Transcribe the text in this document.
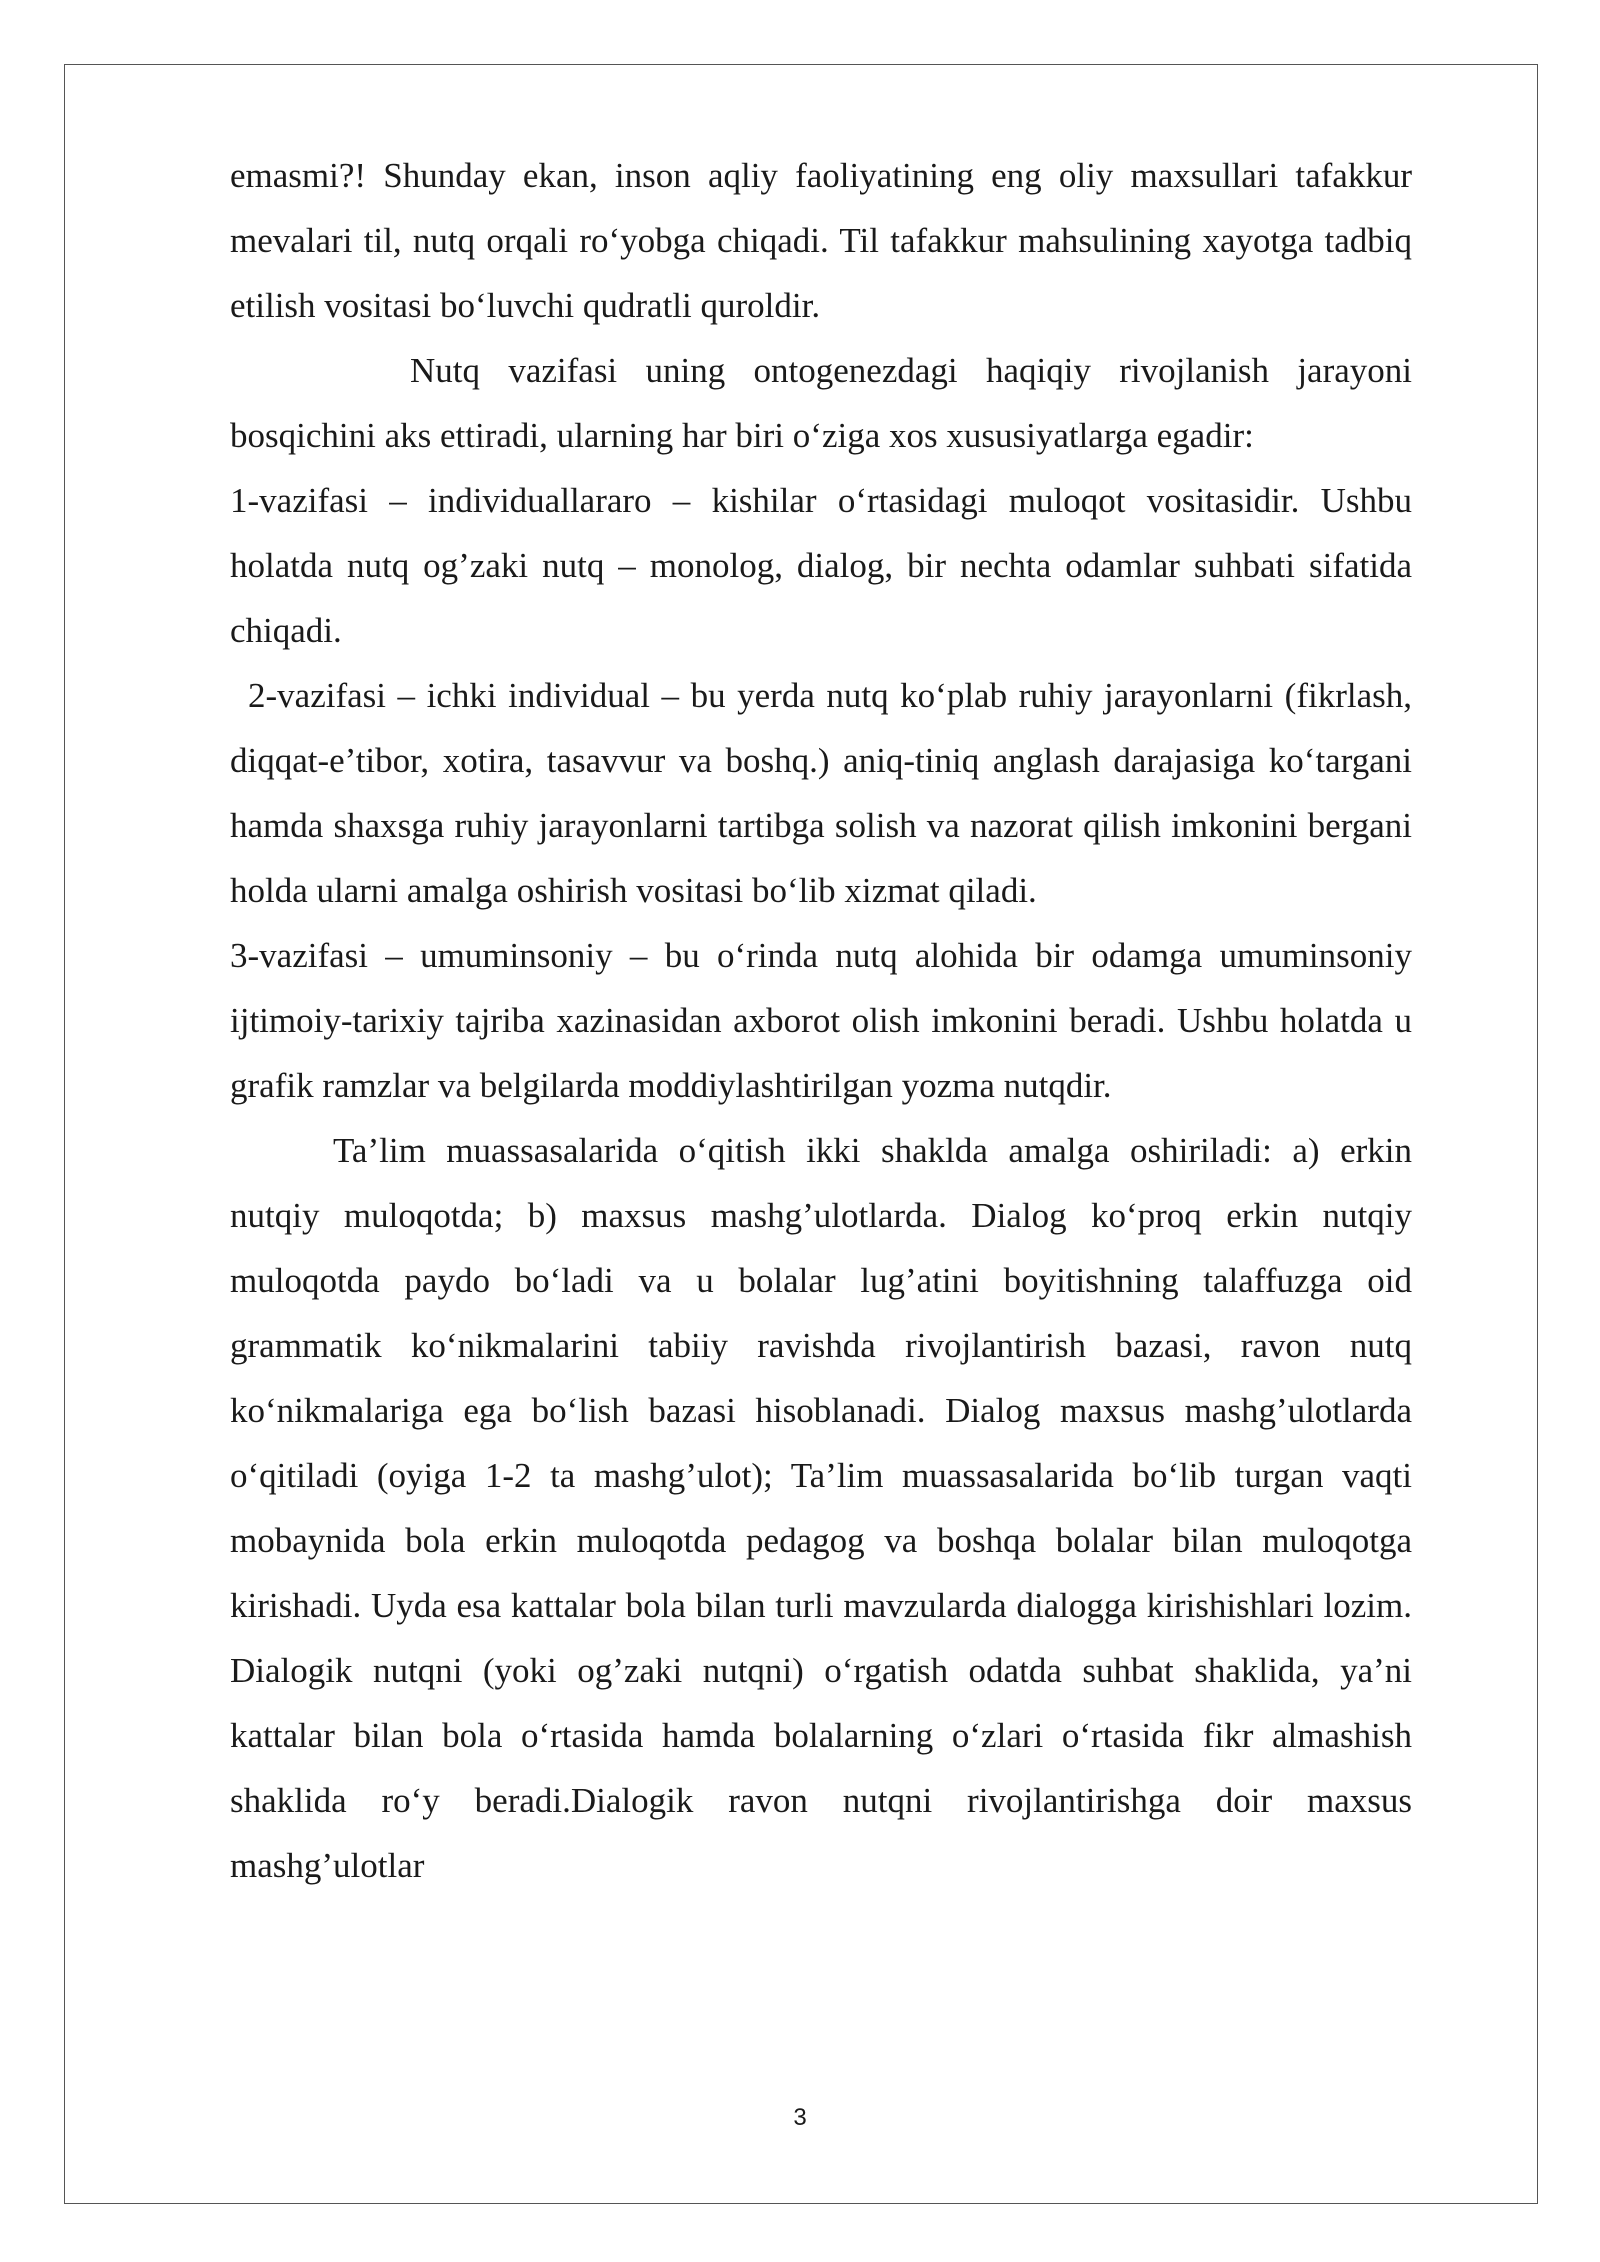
emasmi?! Shunday ekan, inson aqliy faoliyatining eng oliy maxsullari tafakkur mevalari til, nutq orqali ro‘yobga chiqadi. Til tafakkur mahsulining xayotga tadbiq etilish vositasi bo‘luvchi qudratli quroldir.

Nutq vazifasi uning ontogenezdagi haqiqiy rivojlanish jarayoni bosqichini aks ettiradi, ularning har biri o‘ziga xos xususiyatlarga egadir:

1-vazifasi – individuallararo – kishilar o‘rtasidagi muloqot vositasidir. Ushbu holatda nutq og’zaki nutq – monolog, dialog, bir nechta odamlar suhbati sifatida chiqadi.

2-vazifasi – ichki individual – bu yerda nutq ko‘plab ruhiy jarayonlarni (fikrlash, diqqat-e’tibor, xotira, tasavvur va boshq.) aniq-tiniq anglash darajasiga ko‘targani hamda shaxsga ruhiy jarayonlarni tartibga solish va nazorat qilish imkonini bergani holda ularni amalga oshirish vositasi bo‘lib xizmat qiladi.

3-vazifasi – umuminsoniy – bu o‘rinda nutq alohida bir odamga umuminsoniy ijtimoiy-tarixiy tajriba xazinasidan axborot olish imkonini beradi. Ushbu holatda u grafik ramzlar va belgilarda moddiylashtirilgan yozma nutqdir.

Ta’lim muassasalarida o‘qitish ikki shaklda amalga oshiriladi: a) erkin nutqiy muloqotda; b) maxsus mashg’ulotlarda. Dialog ko‘proq erkin nutqiy muloqotda paydo bo‘ladi va u bolalar lug’atini boyitishning talaffuzga oid grammatik ko‘nikmalarini tabiiy ravishda rivojlantirish bazasi, ravon nutq ko‘nikmalariga ega bo‘lish bazasi hisoblanadi. Dialog maxsus mashg’ulotlarda o‘qitiladi (oyiga 1-2 ta mashg’ulot); Ta’lim muassasalarida bo‘lib turgan vaqti mobaynida bola erkin muloqotda pedagog va boshqa bolalar bilan muloqotga kirishadi. Uyda esa kattalar bola bilan turli mavzularda dialogga kirishishlari lozim. Dialogik nutqni (yoki og’zaki nutqni) o‘rgatish odatda suhbat shaklida, ya’ni kattalar bilan bola o‘rtasida hamda bolalarning o‘zlari o‘rtasida fikr almashish shaklida ro‘y beradi.Dialogik ravon nutqni rivojlantirishga doir maxsus mashg’ulotlar

3
